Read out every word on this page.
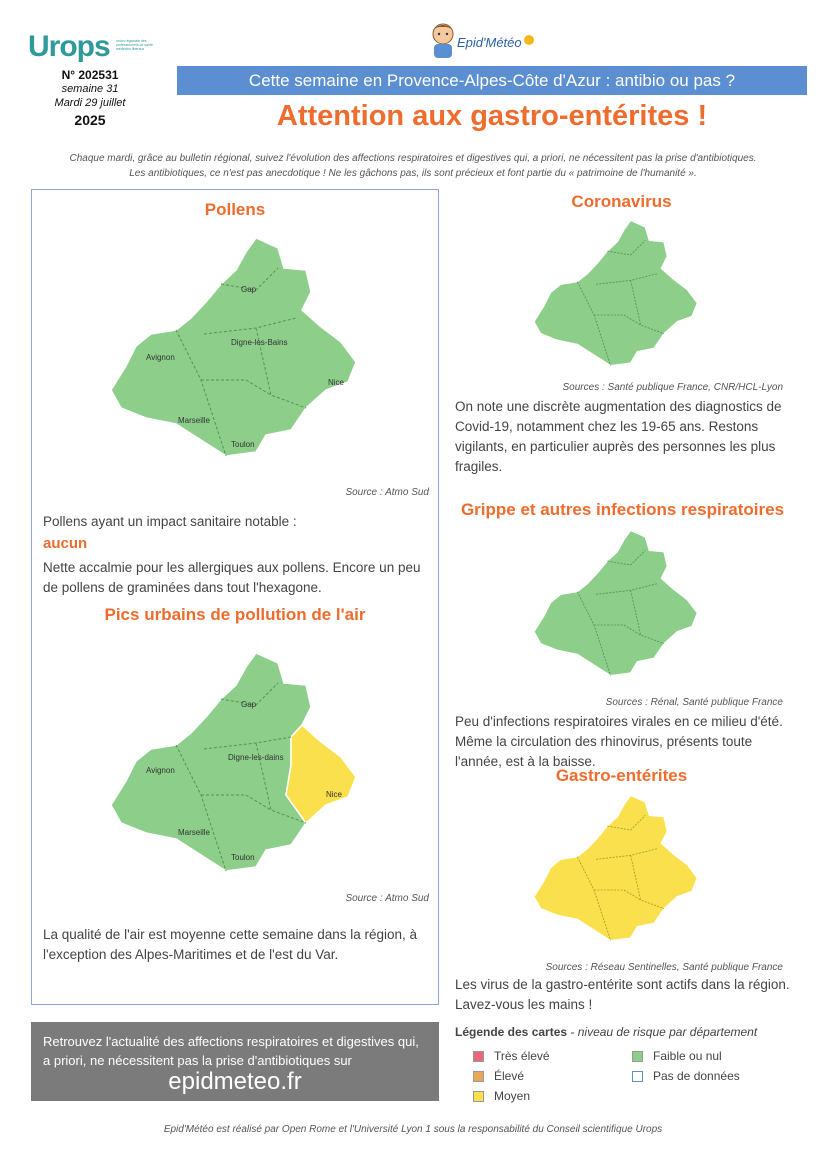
Urops union régionale des professionnels de santé médecins libéraux	Epid'Météo
N° 202531
semaine 31
Mardi 29 juillet
2025
Cette semaine en Provence-Alpes-Côte d'Azur : antibio ou pas ?
Attention aux gastro-entérites !
Chaque mardi, grâce au bulletin régional, suivez l'évolution des affections respiratoires et digestives qui, a priori, ne nécessitent pas la prise d'antibiotiques.
Les antibiotiques, ce n'est pas anecdotique ! Ne les gâchons pas, ils sont précieux et font partie du « patrimoine de l'humanité ».
Pollens
Gap
Avignon
Digne-les-Bains
Nice
Marseille
Toulon
Source : Atmo Sud
Pollens ayant un impact sanitaire notable :
aucun
Nette accalmie pour les allergiques aux pollens. Encore un peu de pollens de graminées dans tout l'hexagone.
Pics urbains de pollution de l'air
Gap
Avignon
Digne-les-dains
Nice
Marseille
Toulon
Source : Atmo Sud
La qualité de l'air est moyenne cette semaine dans la région, à l'exception des Alpes-Maritimes et de l'est du Var.
Coronavirus
Sources : Santé publique France, CNR/HCL-Lyon
On note une discrète augmentation des diagnostics de Covid-19, notamment chez les 19-65 ans. Restons vigilants, en particulier auprès des personnes les plus fragiles.
Grippe et autres infections respiratoires
Sources : Rénal, Santé publique France
Peu d'infections respiratoires virales en ce milieu d'été. Même la circulation des rhinovirus, présents toute l'année, est à la baisse.
Gastro-entérites
Sources : Réseau Sentinelles, Santé publique France
Les virus de la gastro-entérite sont actifs dans la région. Lavez-vous les mains !
Retrouvez l'actualité des affections respiratoires et digestives qui, a priori, ne nécessitent pas la prise d'antibiotiques sur
epidmeteo.fr
Légende des cartes - niveau de risque par département
Très élevé
Élevé
Moyen
Faible ou nul
Pas de données
Epid'Météo est réalisé par Open Rome et l'Université Lyon 1 sous la responsabilité du Conseil scientifique Urops
